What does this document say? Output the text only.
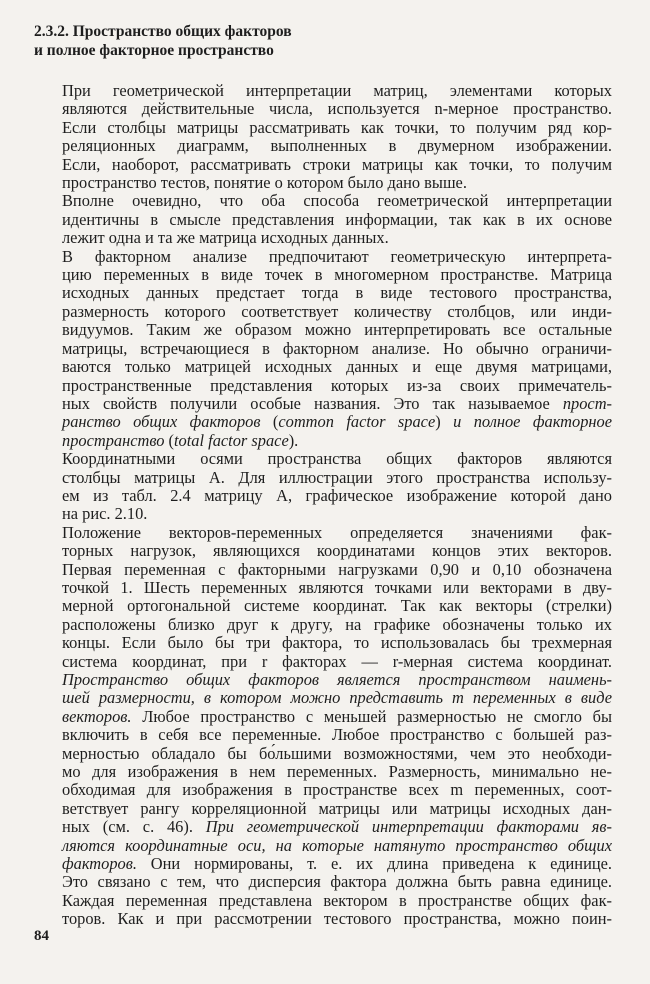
2.3.2. Пространство общих факторов
и полное факторное пространство

При геометрической интерпретации матриц, элементами которых
являются действительные числа, используется n-мерное пространство.
Если столбцы матрицы рассматривать как точки, то получим ряд кор-
реляционных диаграмм, выполненных в двумерном изображении.
Если, наоборот, рассматривать строки матрицы как точки, то получим
пространство тестов, понятие о котором было дано выше.

Вполне очевидно, что оба способа геометрической интерпретации
идентичны в смысле представления информации, так как в их основе
лежит одна и та же матрица исходных данных.

В факторном анализе предпочитают геометрическую интерпрета-
цию переменных в виде точек в многомерном пространстве. Матрица
исходных данных предстает тогда в виде тестового пространства,
размерность которого соответствует количеству столбцов, или инди-
видуумов. Таким же образом можно интерпретировать все остальные
матрицы, встречающиеся в факторном анализе. Но обычно ограничи-
ваются только матрицей исходных данных и еще двумя матрицами,
пространственные представления которых из-за своих примечатель-
ных свойств получили особые названия. Это так называемое прост-
ранство общих факторов (common factor space) и полное факторное
пространство (total factor space).

Координатными осями пространства общих факторов являются
столбцы матрицы А. Для иллюстрации этого пространства использу-
ем из табл. 2.4 матрицу А, графическое изображение которой дано
на рис. 2.10.

Положение векторов-переменных определяется значениями фак-
торных нагрузок, являющихся координатами концов этих векторов.
Первая переменная с факторными нагрузками 0,90 и 0,10 обозначена
точкой 1. Шесть переменных являются точками или векторами в дву-
мерной ортогональной системе координат. Так как векторы (стрелки)
расположены близко друг к другу, на графике обозначены только их
концы. Если было бы три фактора, то использовалась бы трехмерная
система координат, при r факторах — r-мерная система координат.
Пространство общих факторов является пространством наимень-
шей размерности, в котором можно представить m переменных в виде
векторов. Любое пространство с меньшей размерностью не смогло бы
включить в себя все переменные. Любое пространство с большей раз-
мерностью обладало бы бо́льшими возможностями, чем это необходи-
мо для изображения в нем переменных. Размерность, минимально не-
обходимая для изображения в пространстве всех m переменных, соот-
ветствует рангу корреляционной матрицы или матрицы исходных дан-
ных (см. с. 46). При геометрической интерпретации факторами яв-
ляются координатные оси, на которые натянуто пространство общих
факторов. Они нормированы, т. е. их длина приведена к единице.
Это связано с тем, что дисперсия фактора должна быть равна единице.
Каждая переменная представлена вектором в пространстве общих фак-
торов. Как и при рассмотрении тестового пространства, можно поин-

84
